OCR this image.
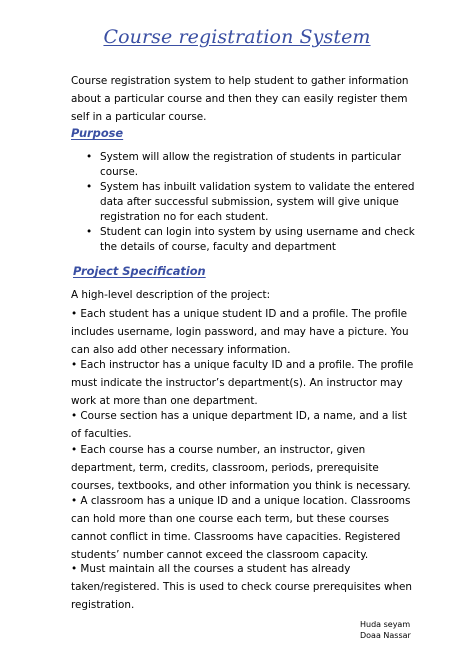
Course registration System
Course registration system to help student to gather information about a particular course and then they can easily register them self in a particular course.
Purpose
• System will allow the registration of students in particular course.
• System has inbuilt validation system to validate the entered data after successful submission, system will give unique registration no for each student.
• Student can login into system by using username and check the details of course, faculty and department
Project Specification
A high-level description of the project:
• Each student has a unique student ID and a profile. The profile includes username, login password, and may have a picture. You can also add other necessary information.
• Each instructor has a unique faculty ID and a profile. The profile must indicate the instructor’s department(s). An instructor may work at more than one department.
• Course section has a unique department ID, a name, and a list of faculties.
• Each course has a course number, an instructor, given department, term, credits, classroom, periods, prerequisite courses, textbooks, and other information you think is necessary.
• A classroom has a unique ID and a unique location. Classrooms can hold more than one course each term, but these courses cannot conflict in time. Classrooms have capacities. Registered students’ number cannot exceed the classroom capacity.
• Must maintain all the courses a student has already taken/registered. This is used to check course prerequisites when registration.
Huda seyam
Doaa Nassar
